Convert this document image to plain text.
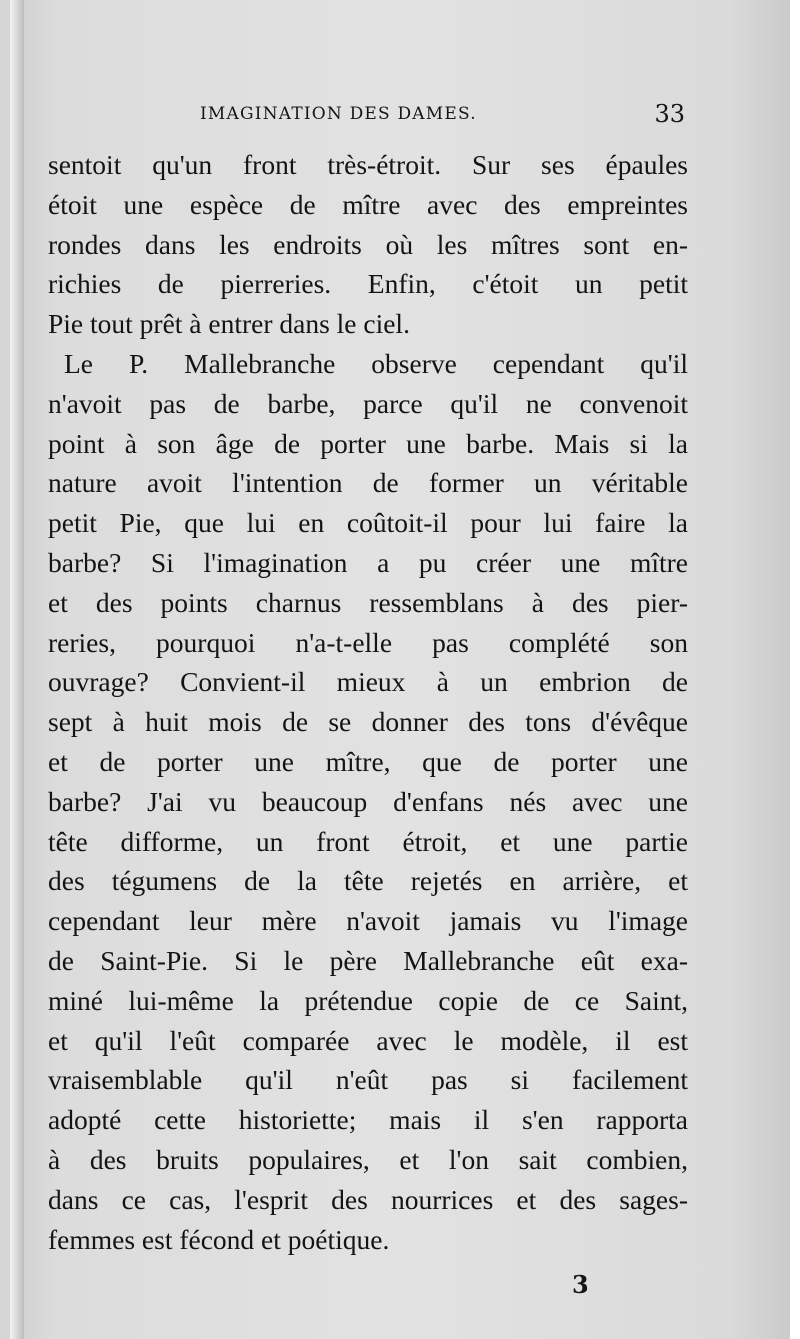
IMAGINATION DES DAMES.	33
sentoit qu'un front très-étroit. Sur ses épaules
étoit une espèce de mître avec des empreintes
rondes dans les endroits où les mîtres sont en-
richies de pierreries. Enfin, c'étoit un petit
Pie tout prêt à entrer dans le ciel.
Le P. Mallebranche observe cependant qu'il
n'avoit pas de barbe, parce qu'il ne convenoit
point à son âge de porter une barbe. Mais si la
nature avoit l'intention de former un véritable
petit Pie, que lui en coûtoit-il pour lui faire la
barbe? Si l'imagination a pu créer une mître
et des points charnus ressemblans à des pier-
reries, pourquoi n'a-t-elle pas complété son
ouvrage? Convient-il mieux à un embrion de
sept à huit mois de se donner des tons d'évêque
et de porter une mître, que de porter une
barbe? J'ai vu beaucoup d'enfans nés avec une
tête difforme, un front étroit, et une partie
des tégumens de la tête rejetés en arrière, et
cependant leur mère n'avoit jamais vu l'image
de Saint-Pie. Si le père Mallebranche eût exa-
miné lui-même la prétendue copie de ce Saint,
et qu'il l'eût comparée avec le modèle, il est
vraisemblable qu'il n'eût pas si facilement
adopté cette historiette; mais il s'en rapporta
à des bruits populaires, et l'on sait combien,
dans ce cas, l'esprit des nourrices et des sages-
femmes est fécond et poétique.
3
